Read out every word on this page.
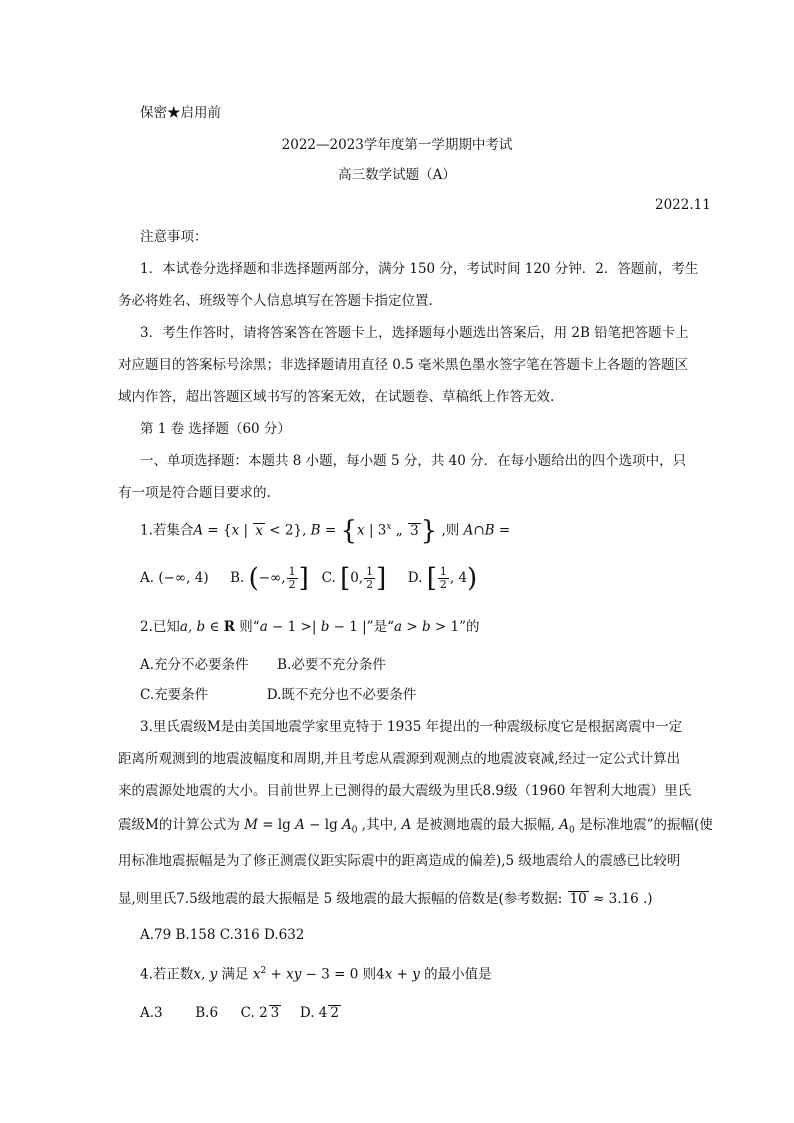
保密★启用前
2022—2023学年度第一学期期中考试
高三数学试题（A）
2022.11
注意事项：
1．本试卷分选择题和非选择题两部分，满分 150 分，考试时间 120 分钟．2．答题前，考生
务必将姓名、班级等个人信息填写在答题卡指定位置．
3．考生作答时，请将答案答在答题卡上，选择题每小题选出答案后，用 2B 铅笔把答题卡上
对应题目的答案标号涂黑；非选择题请用直径 0.5 毫米黑色墨水签字笔在答题卡上各题的答题区
域内作答，超出答题区域书写的答案无效，在试题卷、草稿纸上作答无效.
第 1 卷 选择题（60 分）
一、单项选择题：本题共 8 小题，每小题 5 分，共 40 分．在每小题给出的四个选项中，只
有一项是符合题目要求的.
1.若集合A = {x | x < 2}, B = {x | 3$^x$ „ 3} ,则 A∩B =
A. (−∞, 4) B. (−∞, $\frac{1}{2}$ ] C. [0, $\frac{1}{2}$ ] D. [ $\frac{1}{2}$ , 4)
2.已知a, b ∈ R 则“a − 1 >| b − 1 |”是“a > b > 1”的
A.充分不必要条件 B.必要不充分条件
C.充要条件	D.既不充分也不必要条件
3.里氏震级M是由美国地震学家里克特于 1935 年提出的一种震级标度它是根据离震中一定
距离所观测到的地震波幅度和周期,并且考虑从震源到观测点的地震波衰减,经过一定公式计算出
来的震源处地震的大小。目前世界上已测得的最大震级为里氏8.9级（1960 年智利大地震）里氏
震级M的计算公式为 $M = \lg A - \lg A_0$ ,其中, A 是被测地震的最大振幅, $A_0$ 是标准地震”的振幅(使
用标准地震振幅是为了修正测震仪距实际震中的距离造成的偏差),5 级地震给人的震感已比较明
显,则里氏7.5级地震的最大振幅是 5 级地震的最大振幅的倍数是(参考数据: 10 ≈ 3.16 .)
A.79 B.158 C.316 D.632
4.若正数x, y 满足 $x^2$ + xy − 3 = 0 则4x + y 的最小值是
A.3 B.6 C. 2 3 D. 4 2
